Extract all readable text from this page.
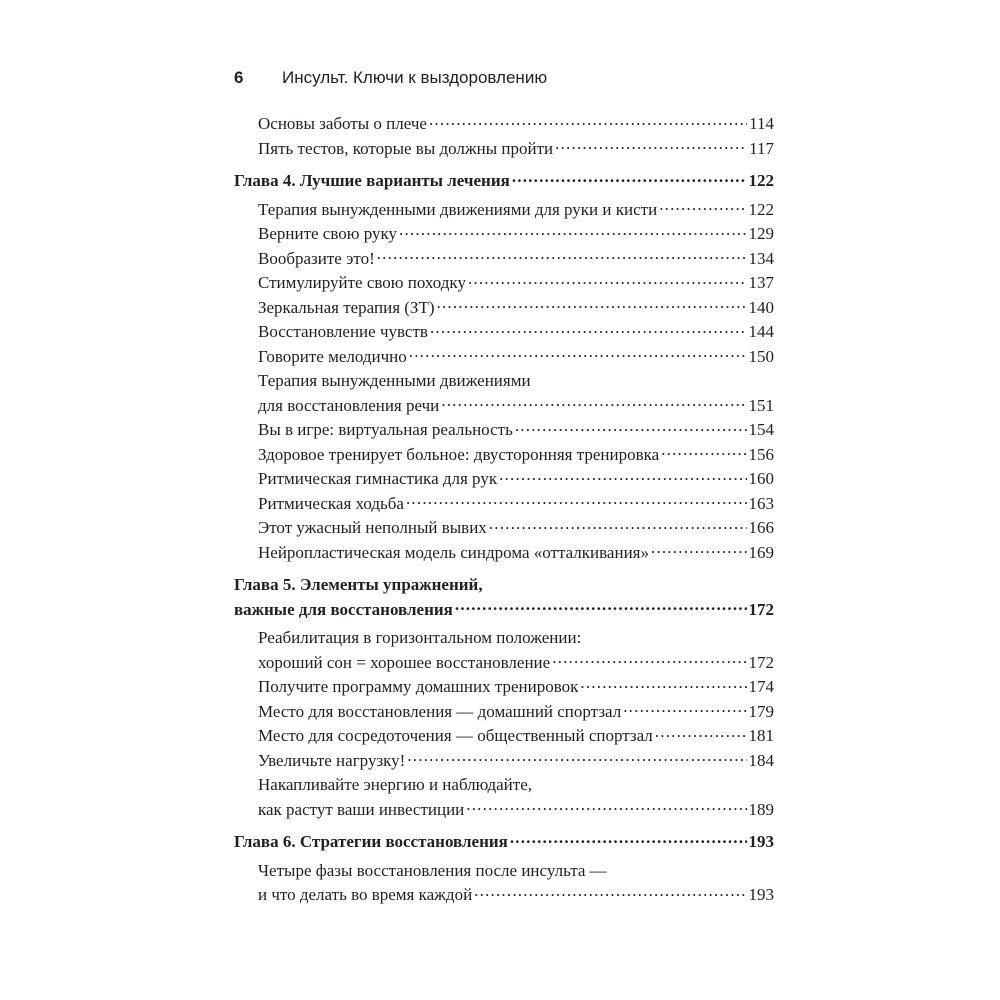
6 Инсульт. Ключи к выздоровлению
Основы заботы о плече .....	114
Пять тестов, которые вы должны пройти .....	117
Глава 4. Лучшие варианты лечения .....	122
Терапия вынужденными движениями для руки и кисти .....	122
Верните свою руку .....	129
Вообразите это! .....	134
Стимулируйте свою походку .....	137
Зеркальная терапия (ЗТ) .....	140
Восстановление чувств .....	144
Говорите мелодично .....	150
Терапия вынужденными движениями
для восстановления речи .....	151
Вы в игре: виртуальная реальность .....	154
Здоровое тренирует больное: двусторонняя тренировка .....	156
Ритмическая гимнастика для рук .....	160
Ритмическая ходьба .....	163
Этот ужасный неполный вывих .....	166
Нейропластическая модель синдрома «отталкивания» .....	169
Глава 5. Элементы упражнений,
важные для восстановления .....	172
Реабилитация в горизонтальном положении:
хороший сон = хорошее восстановление .....	172
Получите программу домашних тренировок .....	174
Место для восстановления — домашний спортзал .....	179
Место для сосредоточения — общественный спортзал .....	181
Увеличьте нагрузку! .....	184
Накапливайте энергию и наблюдайте,
как растут ваши инвестиции .....	189
Глава 6. Стратегии восстановления .....	193
Четыре фазы восстановления после инсульта —
и что делать во время каждой .....	193
